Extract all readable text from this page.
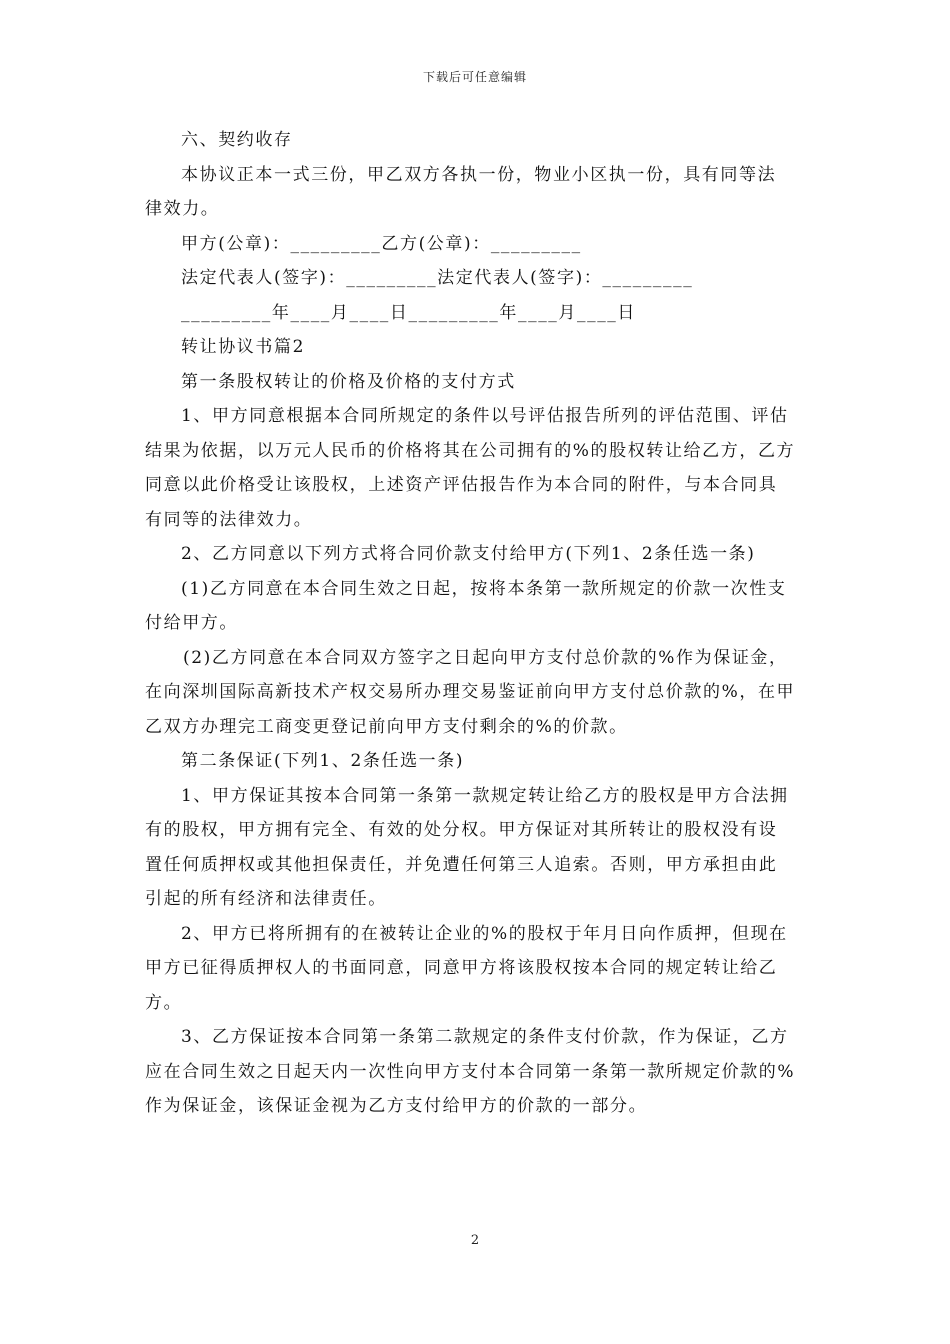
下载后可任意编辑
六、契约收存
本协议正本一式三份，甲乙双方各执一份，物业小区执一份，具有同等法
律效力。
甲方(公章)：_________乙方(公章)：_________
法定代表人(签字)：_________法定代表人(签字)：_________
_________年____月____日_________年____月____日
转让协议书篇2
第一条股权转让的价格及价格的支付方式
1、甲方同意根据本合同所规定的条件以号评估报告所列的评估范围、评估
结果为依据，以万元人民币的价格将其在公司拥有的%的股权转让给乙方，乙方
同意以此价格受让该股权，上述资产评估报告作为本合同的附件，与本合同具
有同等的法律效力。
2、乙方同意以下列方式将合同价款支付给甲方(下列1、2条任选一条)
(1)乙方同意在本合同生效之日起，按将本条第一款所规定的价款一次性支
付给甲方。
(2)乙方同意在本合同双方签字之日起向甲方支付总价款的%作为保证金，
在向深圳国际高新技术产权交易所办理交易鉴证前向甲方支付总价款的%，在甲
乙双方办理完工商变更登记前向甲方支付剩余的%的价款。
第二条保证(下列1、2条任选一条)
1、甲方保证其按本合同第一条第一款规定转让给乙方的股权是甲方合法拥
有的股权，甲方拥有完全、有效的处分权。甲方保证对其所转让的股权没有设
置任何质押权或其他担保责任，并免遭任何第三人追索。否则，甲方承担由此
引起的所有经济和法律责任。
2、甲方已将所拥有的在被转让企业的%的股权于年月日向作质押，但现在
甲方已征得质押权人的书面同意，同意甲方将该股权按本合同的规定转让给乙
方。
3、乙方保证按本合同第一条第二款规定的条件支付价款，作为保证，乙方
应在合同生效之日起天内一次性向甲方支付本合同第一条第一款所规定价款的%
作为保证金，该保证金视为乙方支付给甲方的价款的一部分。
2
